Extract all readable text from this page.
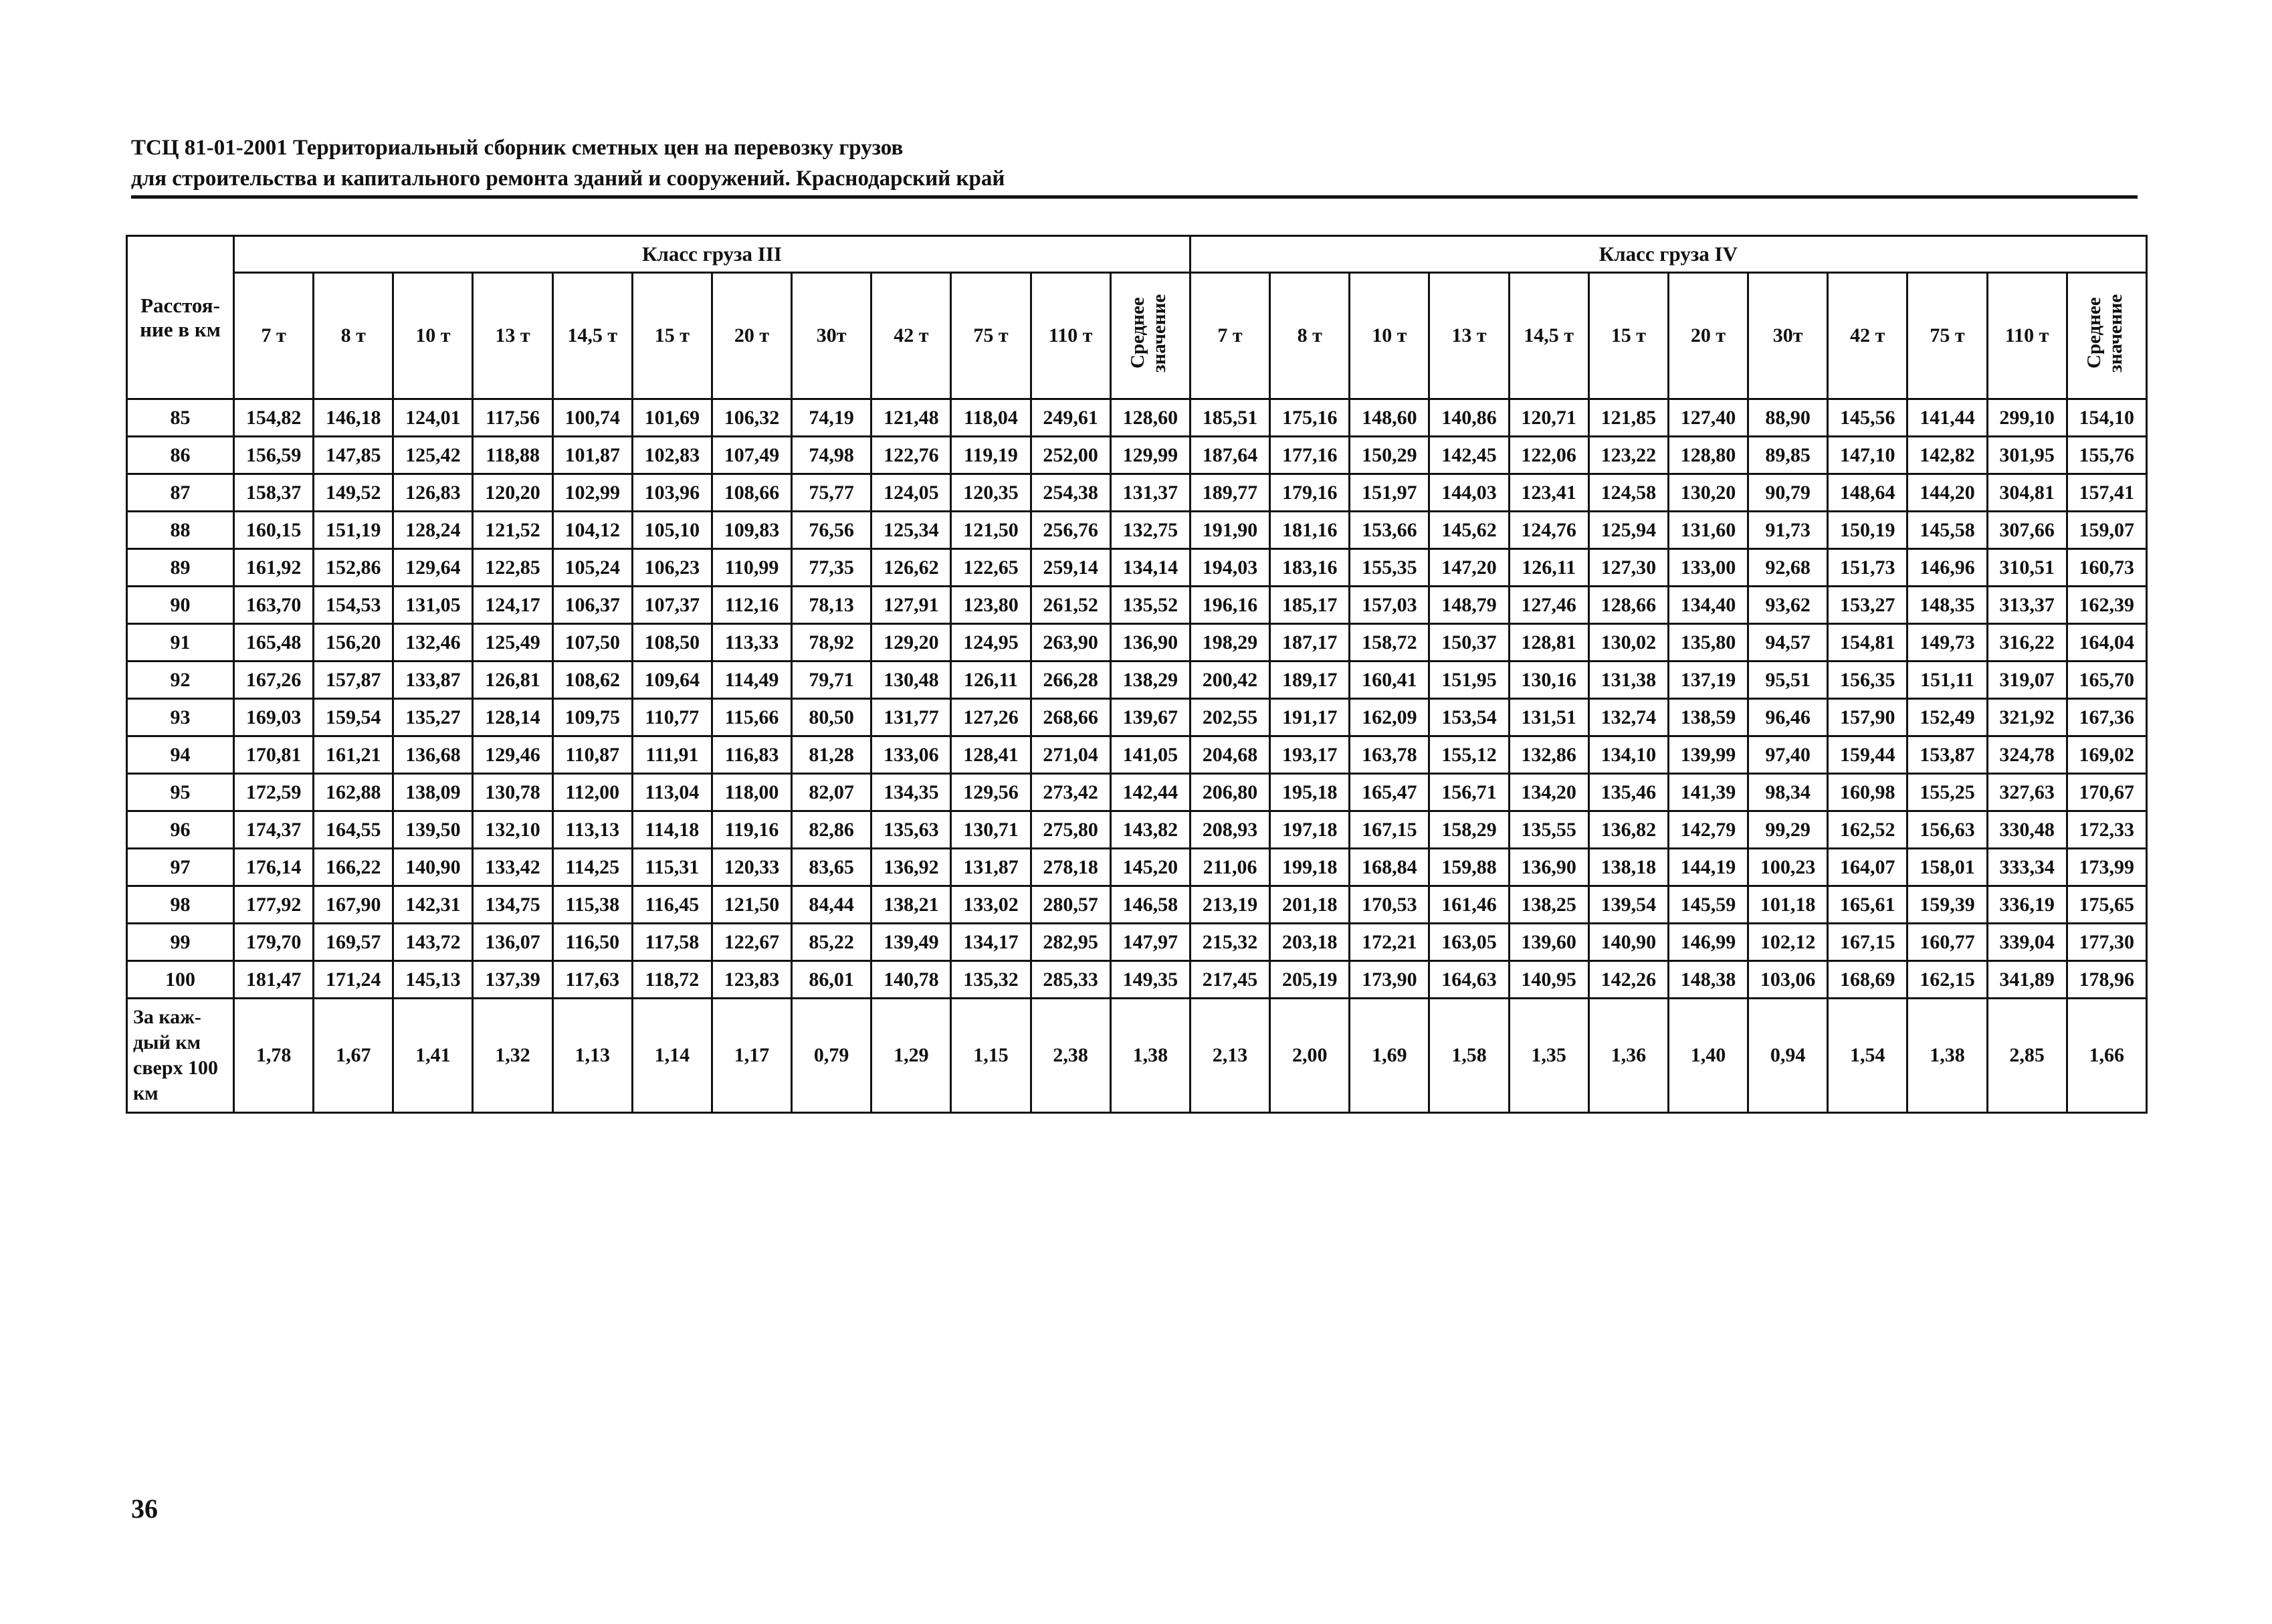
ТСЦ 81-01-2001 Территориальный сборник сметных цен на перевозку грузов
для строительства и капитального ремонта зданий и сооружений. Краснодарский край
Расстоя-ние в км	Класс груза III												Класс груза IV											
	7 т	8 т	10 т	13 т	14,5 т	15 т	20 т	30т	42 т	75 т	110 т	Среднее значение	7 т	8 т	10 т	13 т	14,5 т	15 т	20 т	30т	42 т	75 т	110 т	Среднее значение
85	154,82	146,18	124,01	117,56	100,74	101,69	106,32	74,19	121,48	118,04	249,61	128,60	185,51	175,16	148,60	140,86	120,71	121,85	127,40	88,90	145,56	141,44	299,10	154,10
86	156,59	147,85	125,42	118,88	101,87	102,83	107,49	74,98	122,76	119,19	252,00	129,99	187,64	177,16	150,29	142,45	122,06	123,22	128,80	89,85	147,10	142,82	301,95	155,76
87	158,37	149,52	126,83	120,20	102,99	103,96	108,66	75,77	124,05	120,35	254,38	131,37	189,77	179,16	151,97	144,03	123,41	124,58	130,20	90,79	148,64	144,20	304,81	157,41
88	160,15	151,19	128,24	121,52	104,12	105,10	109,83	76,56	125,34	121,50	256,76	132,75	191,90	181,16	153,66	145,62	124,76	125,94	131,60	91,73	150,19	145,58	307,66	159,07
89	161,92	152,86	129,64	122,85	105,24	106,23	110,99	77,35	126,62	122,65	259,14	134,14	194,03	183,16	155,35	147,20	126,11	127,30	133,00	92,68	151,73	146,96	310,51	160,73
90	163,70	154,53	131,05	124,17	106,37	107,37	112,16	78,13	127,91	123,80	261,52	135,52	196,16	185,17	157,03	148,79	127,46	128,66	134,40	93,62	153,27	148,35	313,37	162,39
91	165,48	156,20	132,46	125,49	107,50	108,50	113,33	78,92	129,20	124,95	263,90	136,90	198,29	187,17	158,72	150,37	128,81	130,02	135,80	94,57	154,81	149,73	316,22	164,04
92	167,26	157,87	133,87	126,81	108,62	109,64	114,49	79,71	130,48	126,11	266,28	138,29	200,42	189,17	160,41	151,95	130,16	131,38	137,19	95,51	156,35	151,11	319,07	165,70
93	169,03	159,54	135,27	128,14	109,75	110,77	115,66	80,50	131,77	127,26	268,66	139,67	202,55	191,17	162,09	153,54	131,51	132,74	138,59	96,46	157,90	152,49	321,92	167,36
94	170,81	161,21	136,68	129,46	110,87	111,91	116,83	81,28	133,06	128,41	271,04	141,05	204,68	193,17	163,78	155,12	132,86	134,10	139,99	97,40	159,44	153,87	324,78	169,02
95	172,59	162,88	138,09	130,78	112,00	113,04	118,00	82,07	134,35	129,56	273,42	142,44	206,80	195,18	165,47	156,71	134,20	135,46	141,39	98,34	160,98	155,25	327,63	170,67
96	174,37	164,55	139,50	132,10	113,13	114,18	119,16	82,86	135,63	130,71	275,80	143,82	208,93	197,18	167,15	158,29	135,55	136,82	142,79	99,29	162,52	156,63	330,48	172,33
97	176,14	166,22	140,90	133,42	114,25	115,31	120,33	83,65	136,92	131,87	278,18	145,20	211,06	199,18	168,84	159,88	136,90	138,18	144,19	100,23	164,07	158,01	333,34	173,99
98	177,92	167,90	142,31	134,75	115,38	116,45	121,50	84,44	138,21	133,02	280,57	146,58	213,19	201,18	170,53	161,46	138,25	139,54	145,59	101,18	165,61	159,39	336,19	175,65
99	179,70	169,57	143,72	136,07	116,50	117,58	122,67	85,22	139,49	134,17	282,95	147,97	215,32	203,18	172,21	163,05	139,60	140,90	146,99	102,12	167,15	160,77	339,04	177,30
100	181,47	171,24	145,13	137,39	117,63	118,72	123,83	86,01	140,78	135,32	285,33	149,35	217,45	205,19	173,90	164,63	140,95	142,26	148,38	103,06	168,69	162,15	341,89	178,96
За каж-дый км сверх 100 км	1,78	1,67	1,41	1,32	1,13	1,14	1,17	0,79	1,29	1,15	2,38	1,38	2,13	2,00	1,69	1,58	1,35	1,36	1,40	0,94	1,54	1,38	2,85	1,66
36
